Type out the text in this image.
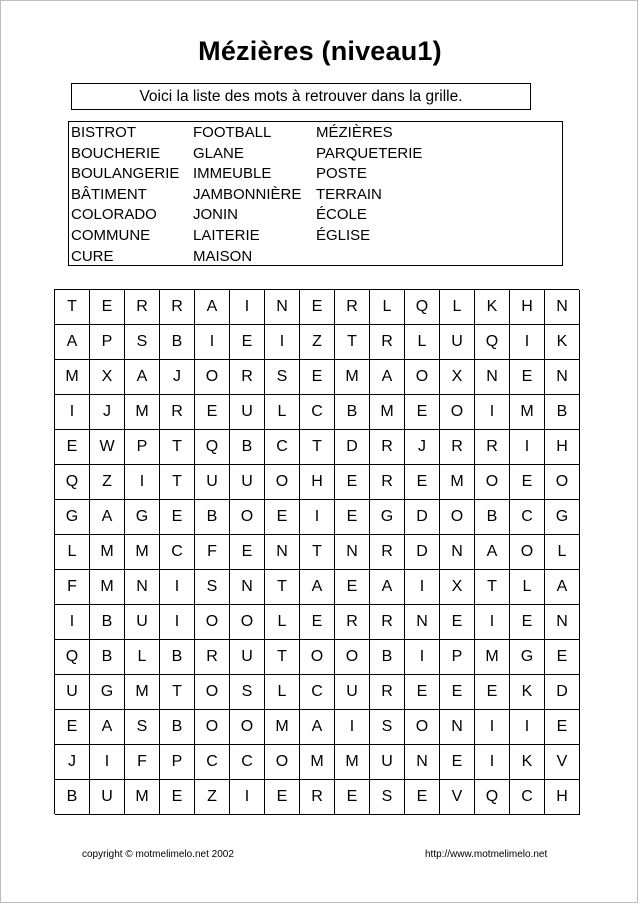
Mézières (niveau1)
Voici la liste des mots à retrouver dans la grille.
BISTROT
BOUCHERIE
BOULANGERIE
BÂTIMENT
COLORADO
COMMUNE
CURE
FOOTBALL
GLANE
IMMEUBLE
JAMBONNIÈRE
JONIN
LAITERIE
MAISON
MÉZIÈRES
PARQUETERIE
POSTE
TERRAIN
ÉCOLE
ÉGLISE
T	E	R	R	A	I	N	E	R	L	Q	L	K	H	N
A	P	S	B	I	E	I	Z	T	R	L	U	Q	I	K
M	X	A	J	O	R	S	E	M	A	O	X	N	E	N
I	J	M	R	E	U	L	C	B	M	E	O	I	M	B
E	W	P	T	Q	B	C	T	D	R	J	R	R	I	H
Q	Z	I	T	U	U	O	H	E	R	E	M	O	E	O
G	A	G	E	B	O	E	I	E	G	D	O	B	C	G
L	M	M	C	F	E	N	T	N	R	D	N	A	O	L
F	M	N	I	S	N	T	A	E	A	I	X	T	L	A
I	B	U	I	O	O	L	E	R	R	N	E	I	E	N
Q	B	L	B	R	U	T	O	O	B	I	P	M	G	E
U	G	M	T	O	S	L	C	U	R	E	E	E	K	D
E	A	S	B	O	O	M	A	I	S	O	N	I	I	E
J	I	F	P	C	C	O	M	M	U	N	E	I	K	V
B	U	M	E	Z	I	E	R	E	S	E	V	Q	C	H
copyright © motmelimelo.net 2002	http://www.motmelimelo.net
